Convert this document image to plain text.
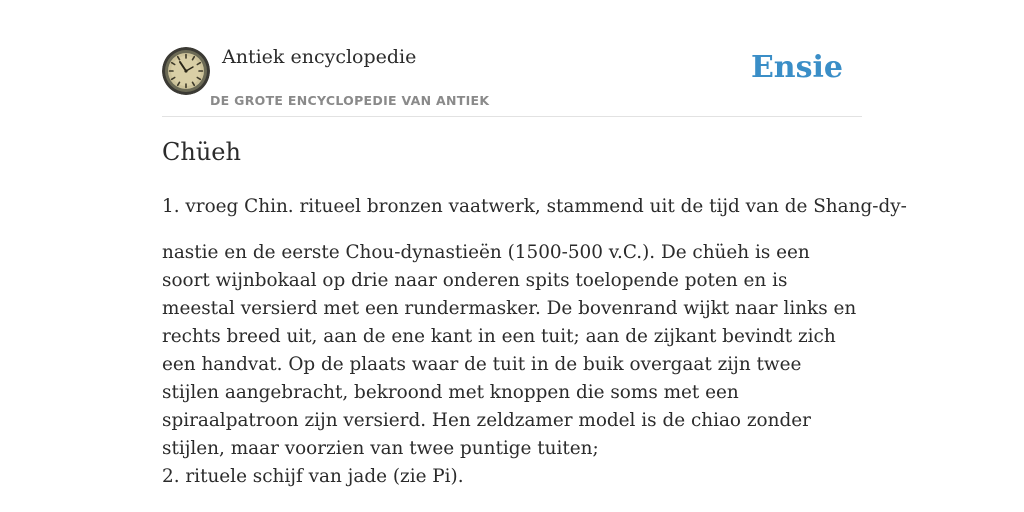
Antiek encyclopedie
DE GROTE ENCYCLOPEDIE VAN ANTIEK
Ensie
Chüeh

1. vroeg Chin. ritueel bronzen vaatwerk, stammend uit de tijd van de Shang-dy-

nastie en de eerste Chou-dynastieën (1500-500 v.C.). De chüeh is een soort wijnbokaal op drie naar onderen spits toelopende poten en is meestal versierd met een rundermasker. De bovenrand wijkt naar links en rechts breed uit, aan de ene kant in een tuit; aan de zijkant bevindt zich een handvat. Op de plaats waar de tuit in de buik overgaat zijn twee stijlen aangebracht, bekroond met knoppen die soms met een spiraalpatroon zijn versierd. Hen zeldzamer model is de chiao zonder stijlen, maar voorzien van twee puntige tuiten;

2. rituele schijf van jade (zie Pi).
